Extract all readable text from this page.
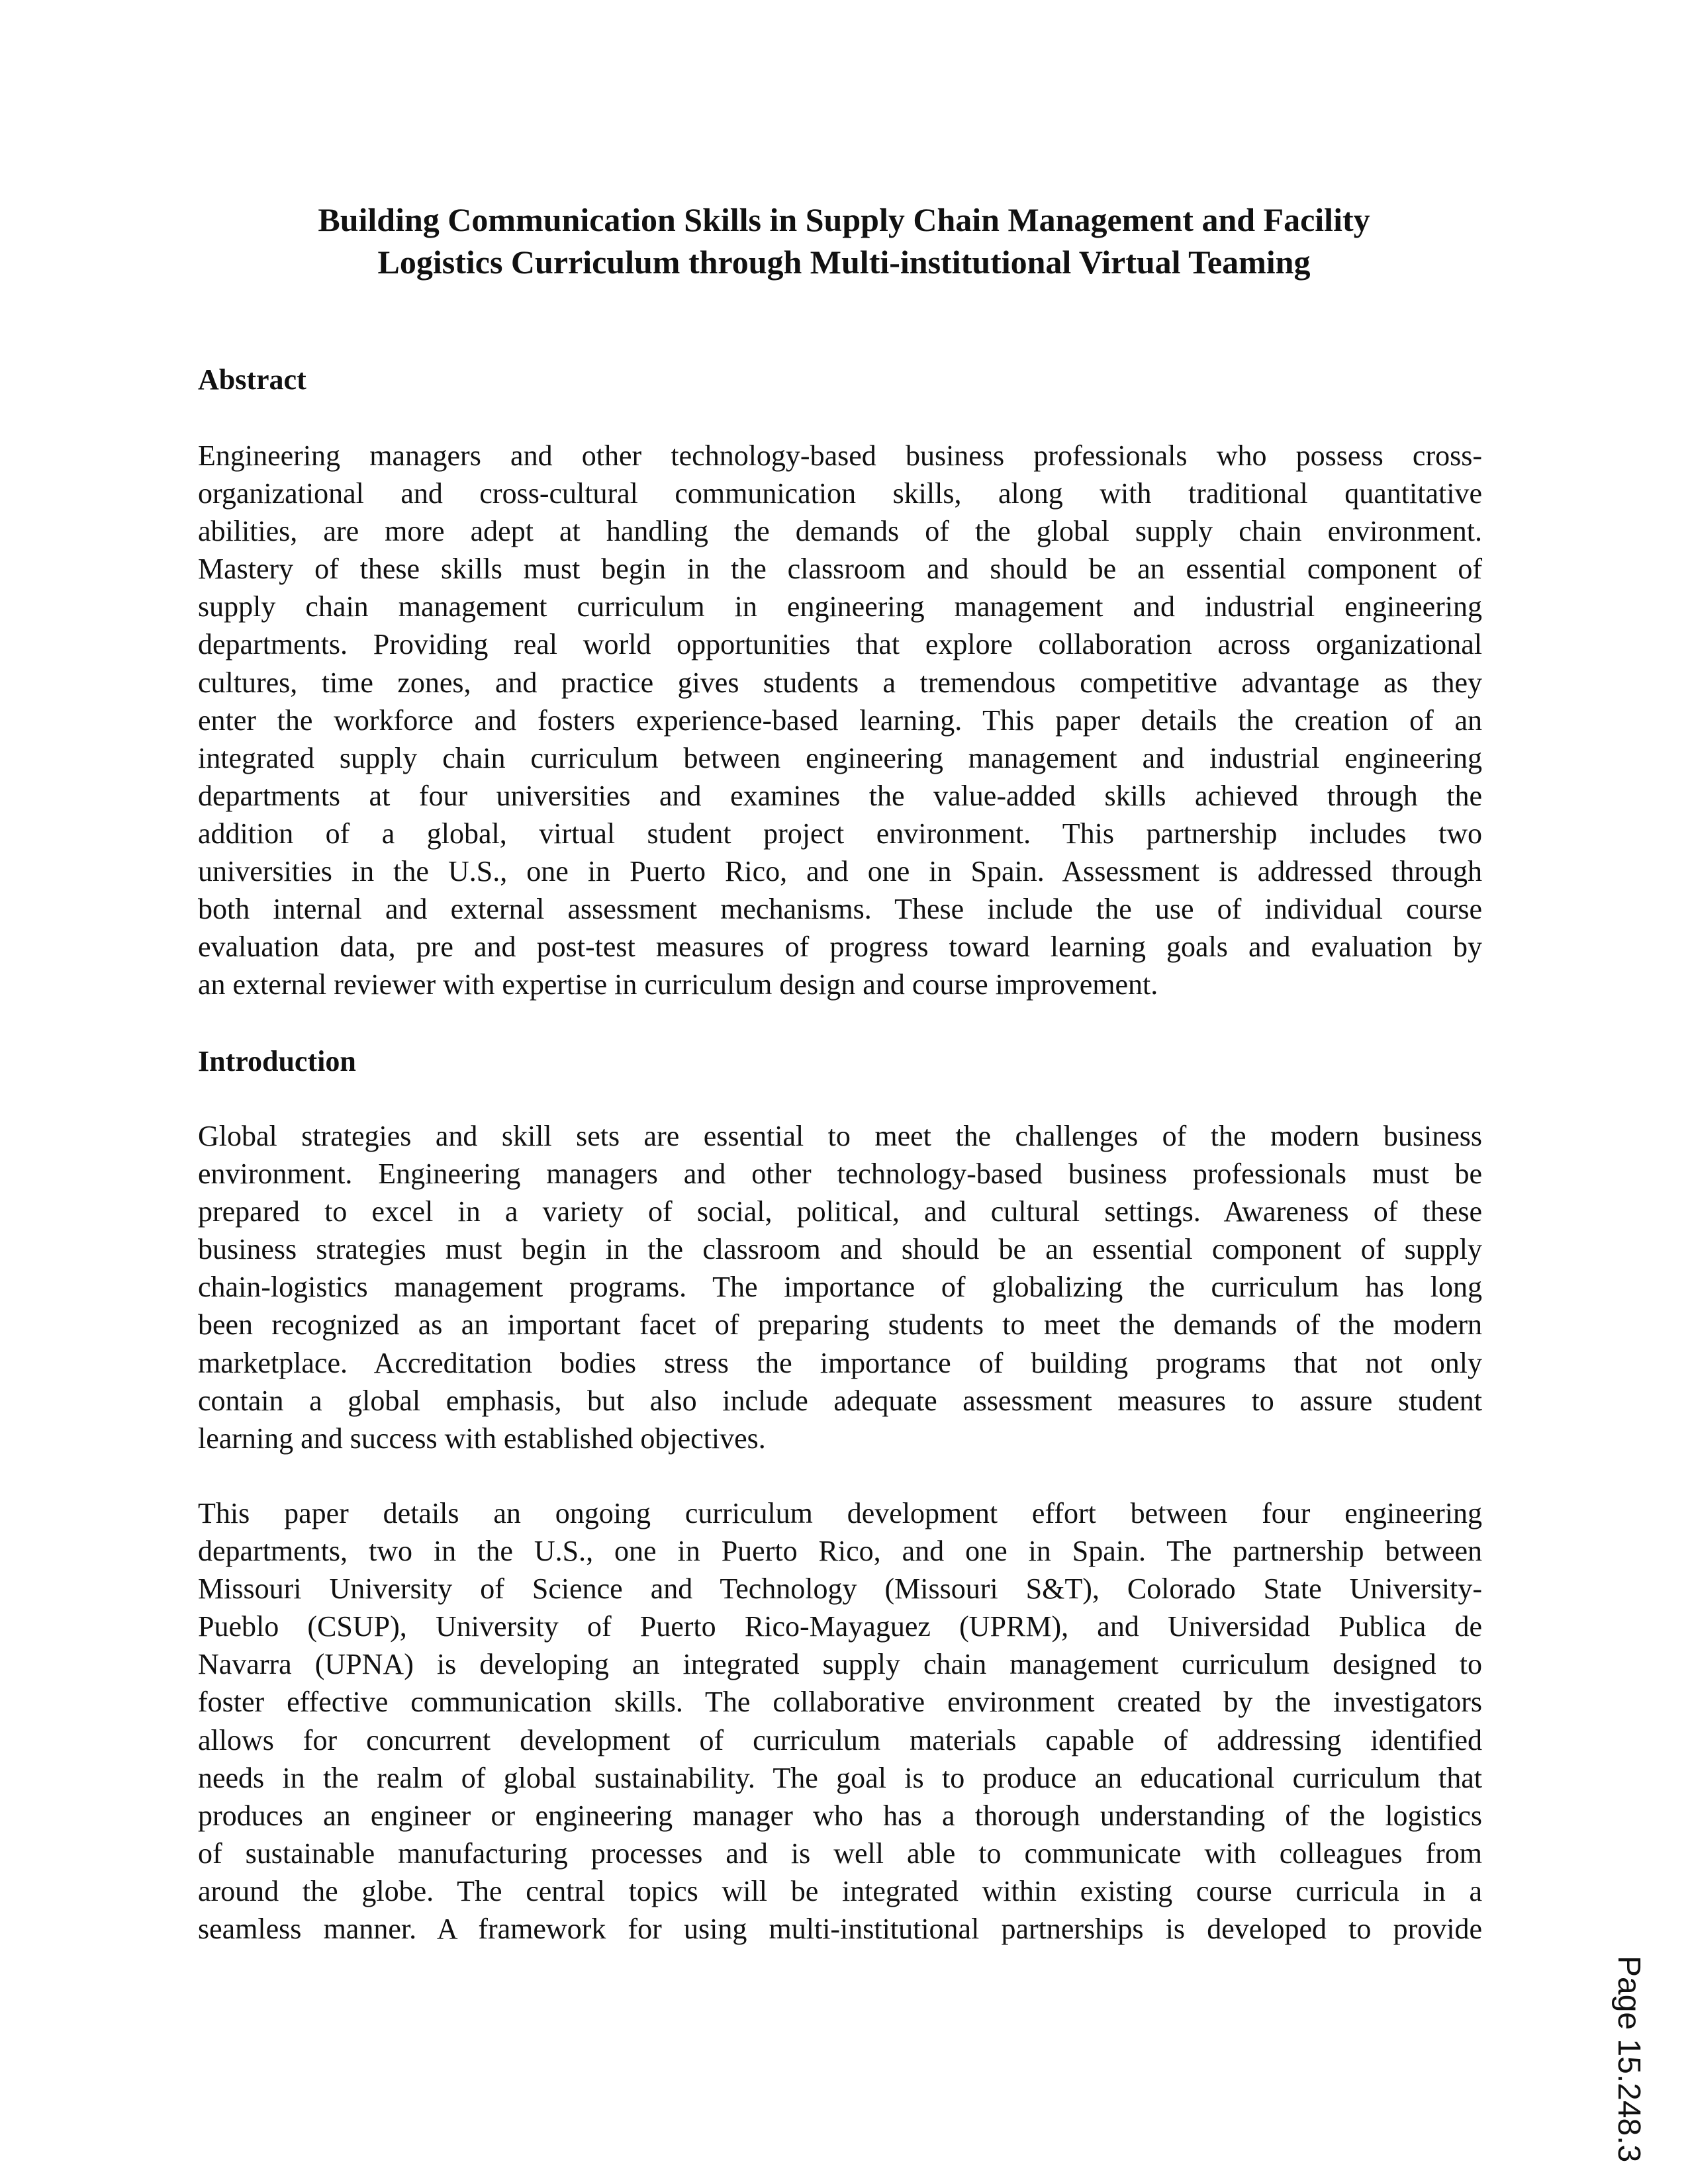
Building Communication Skills in Supply Chain Management and Facility
Logistics Curriculum through Multi-institutional Virtual Teaming
Abstract

Engineering managers and other technology-based business professionals who possess cross-
organizational and cross-cultural communication skills, along with traditional quantitative
abilities, are more adept at handling the demands of the global supply chain environment.
Mastery of these skills must begin in the classroom and should be an essential component of
supply chain management curriculum in engineering management and industrial engineering
departments. Providing real world opportunities that explore collaboration across organizational
cultures, time zones, and practice gives students a tremendous competitive advantage as they
enter the workforce and fosters experience-based learning. This paper details the creation of an
integrated supply chain curriculum between engineering management and industrial engineering
departments at four universities and examines the value-added skills achieved through the
addition of a global, virtual student project environment. This partnership includes two
universities in the U.S., one in Puerto Rico, and one in Spain. Assessment is addressed through
both internal and external assessment mechanisms. These include the use of individual course
evaluation data, pre and post-test measures of progress toward learning goals and evaluation by
an external reviewer with expertise in curriculum design and course improvement.

Introduction

Global strategies and skill sets are essential to meet the challenges of the modern business
environment. Engineering managers and other technology-based business professionals must be
prepared to excel in a variety of social, political, and cultural settings. Awareness of these
business strategies must begin in the classroom and should be an essential component of supply
chain-logistics management programs. The importance of globalizing the curriculum has long
been recognized as an important facet of preparing students to meet the demands of the modern
marketplace. Accreditation bodies stress the importance of building programs that not only
contain a global emphasis, but also include adequate assessment measures to assure student
learning and success with established objectives.

This paper details an ongoing curriculum development effort between four engineering
departments, two in the U.S., one in Puerto Rico, and one in Spain. The partnership between
Missouri University of Science and Technology (Missouri S&T), Colorado State University-
Pueblo (CSUP), University of Puerto Rico-Mayaguez (UPRM), and Universidad Publica de
Navarra (UPNA) is developing an integrated supply chain management curriculum designed to
foster effective communication skills. The collaborative environment created by the investigators
allows for concurrent development of curriculum materials capable of addressing identified
needs in the realm of global sustainability. The goal is to produce an educational curriculum that
produces an engineer or engineering manager who has a thorough understanding of the logistics
of sustainable manufacturing processes and is well able to communicate with colleagues from
around the globe. The central topics will be integrated within existing course curricula in a
seamless manner. A framework for using multi-institutional partnerships is developed to provide

Page 15.248.3
